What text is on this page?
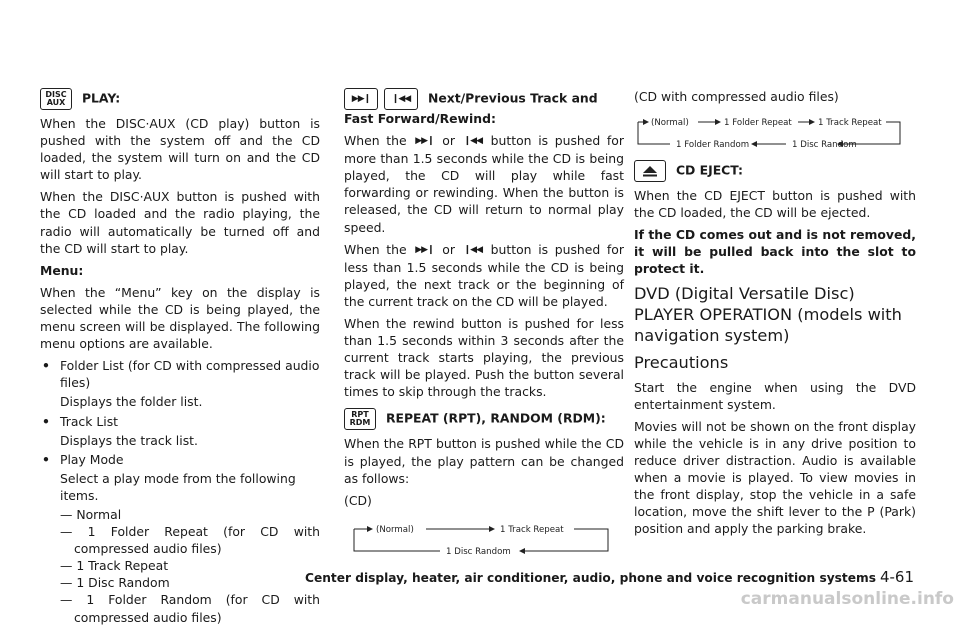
DISC
AUX PLAY:

When the DISC·AUX (CD play) button is pushed with the system off and the CD loaded, the system will turn on and the CD will start to play.

When the DISC·AUX button is pushed with the CD loaded and the radio playing, the radio will automatically be turned off and the CD will start to play.

Menu:

When the “Menu” key on the display is selected while the CD is being played, the menu screen will be displayed. The following menu options are available.

• Folder List (for CD with compressed audio files)
Displays the folder list.
• Track List
Displays the track list.
• Play Mode
Select a play mode from the following items.

— Normal

— 1 Folder Repeat (for CD with compressed audio files)

— 1 Track Repeat

— 1 Disc Random

— 1 Folder Random (for CD with compressed audio files)

▶▶❙ ❙◀◀ Next/Previous Track and Fast Forward/Rewind:

When the ▶▶❙ or ❙◀◀ button is pushed for more than 1.5 seconds while the CD is being played, the CD will play while fast forwarding or rewinding. When the button is released, the CD will return to normal play speed.

When the ▶▶❙ or ❙◀◀ button is pushed for less than 1.5 seconds while the CD is being played, the next track or the beginning of the current track on the CD will be played.

When the rewind button is pushed for less than 1.5 seconds within 3 seconds after the current track starts playing, the previous track will be played. Push the button several times to skip through the tracks.

RPT
RDM REPEAT (RPT), RANDOM (RDM):

When the RPT button is pushed while the CD is played, the play pattern can be changed as follows:

(CD)

(Normal)	1 Track Repeat
1 Disc Random

(CD with compressed audio files)

(Normal)	1 Folder Repeat	1 Track Repeat
1 Disc Random
1 Folder Random

CD EJECT:

When the CD EJECT button is pushed with the CD loaded, the CD will be ejected.

If the CD comes out and is not removed, it will be pulled back into the slot to protect it.

DVD (Digital Versatile Disc) PLAYER OPERATION (models with navigation system)
Precautions

Start the engine when using the DVD entertainment system.

Movies will not be shown on the front display while the vehicle is in any drive position to reduce driver distraction. Audio is available when a movie is played. To view movies in the front display, stop the vehicle in a safe location, move the shift lever to the P (Park) position and apply the parking brake.

Center display, heater, air conditioner, audio, phone and voice recognition systems 4-61
carmanualsonline.info
